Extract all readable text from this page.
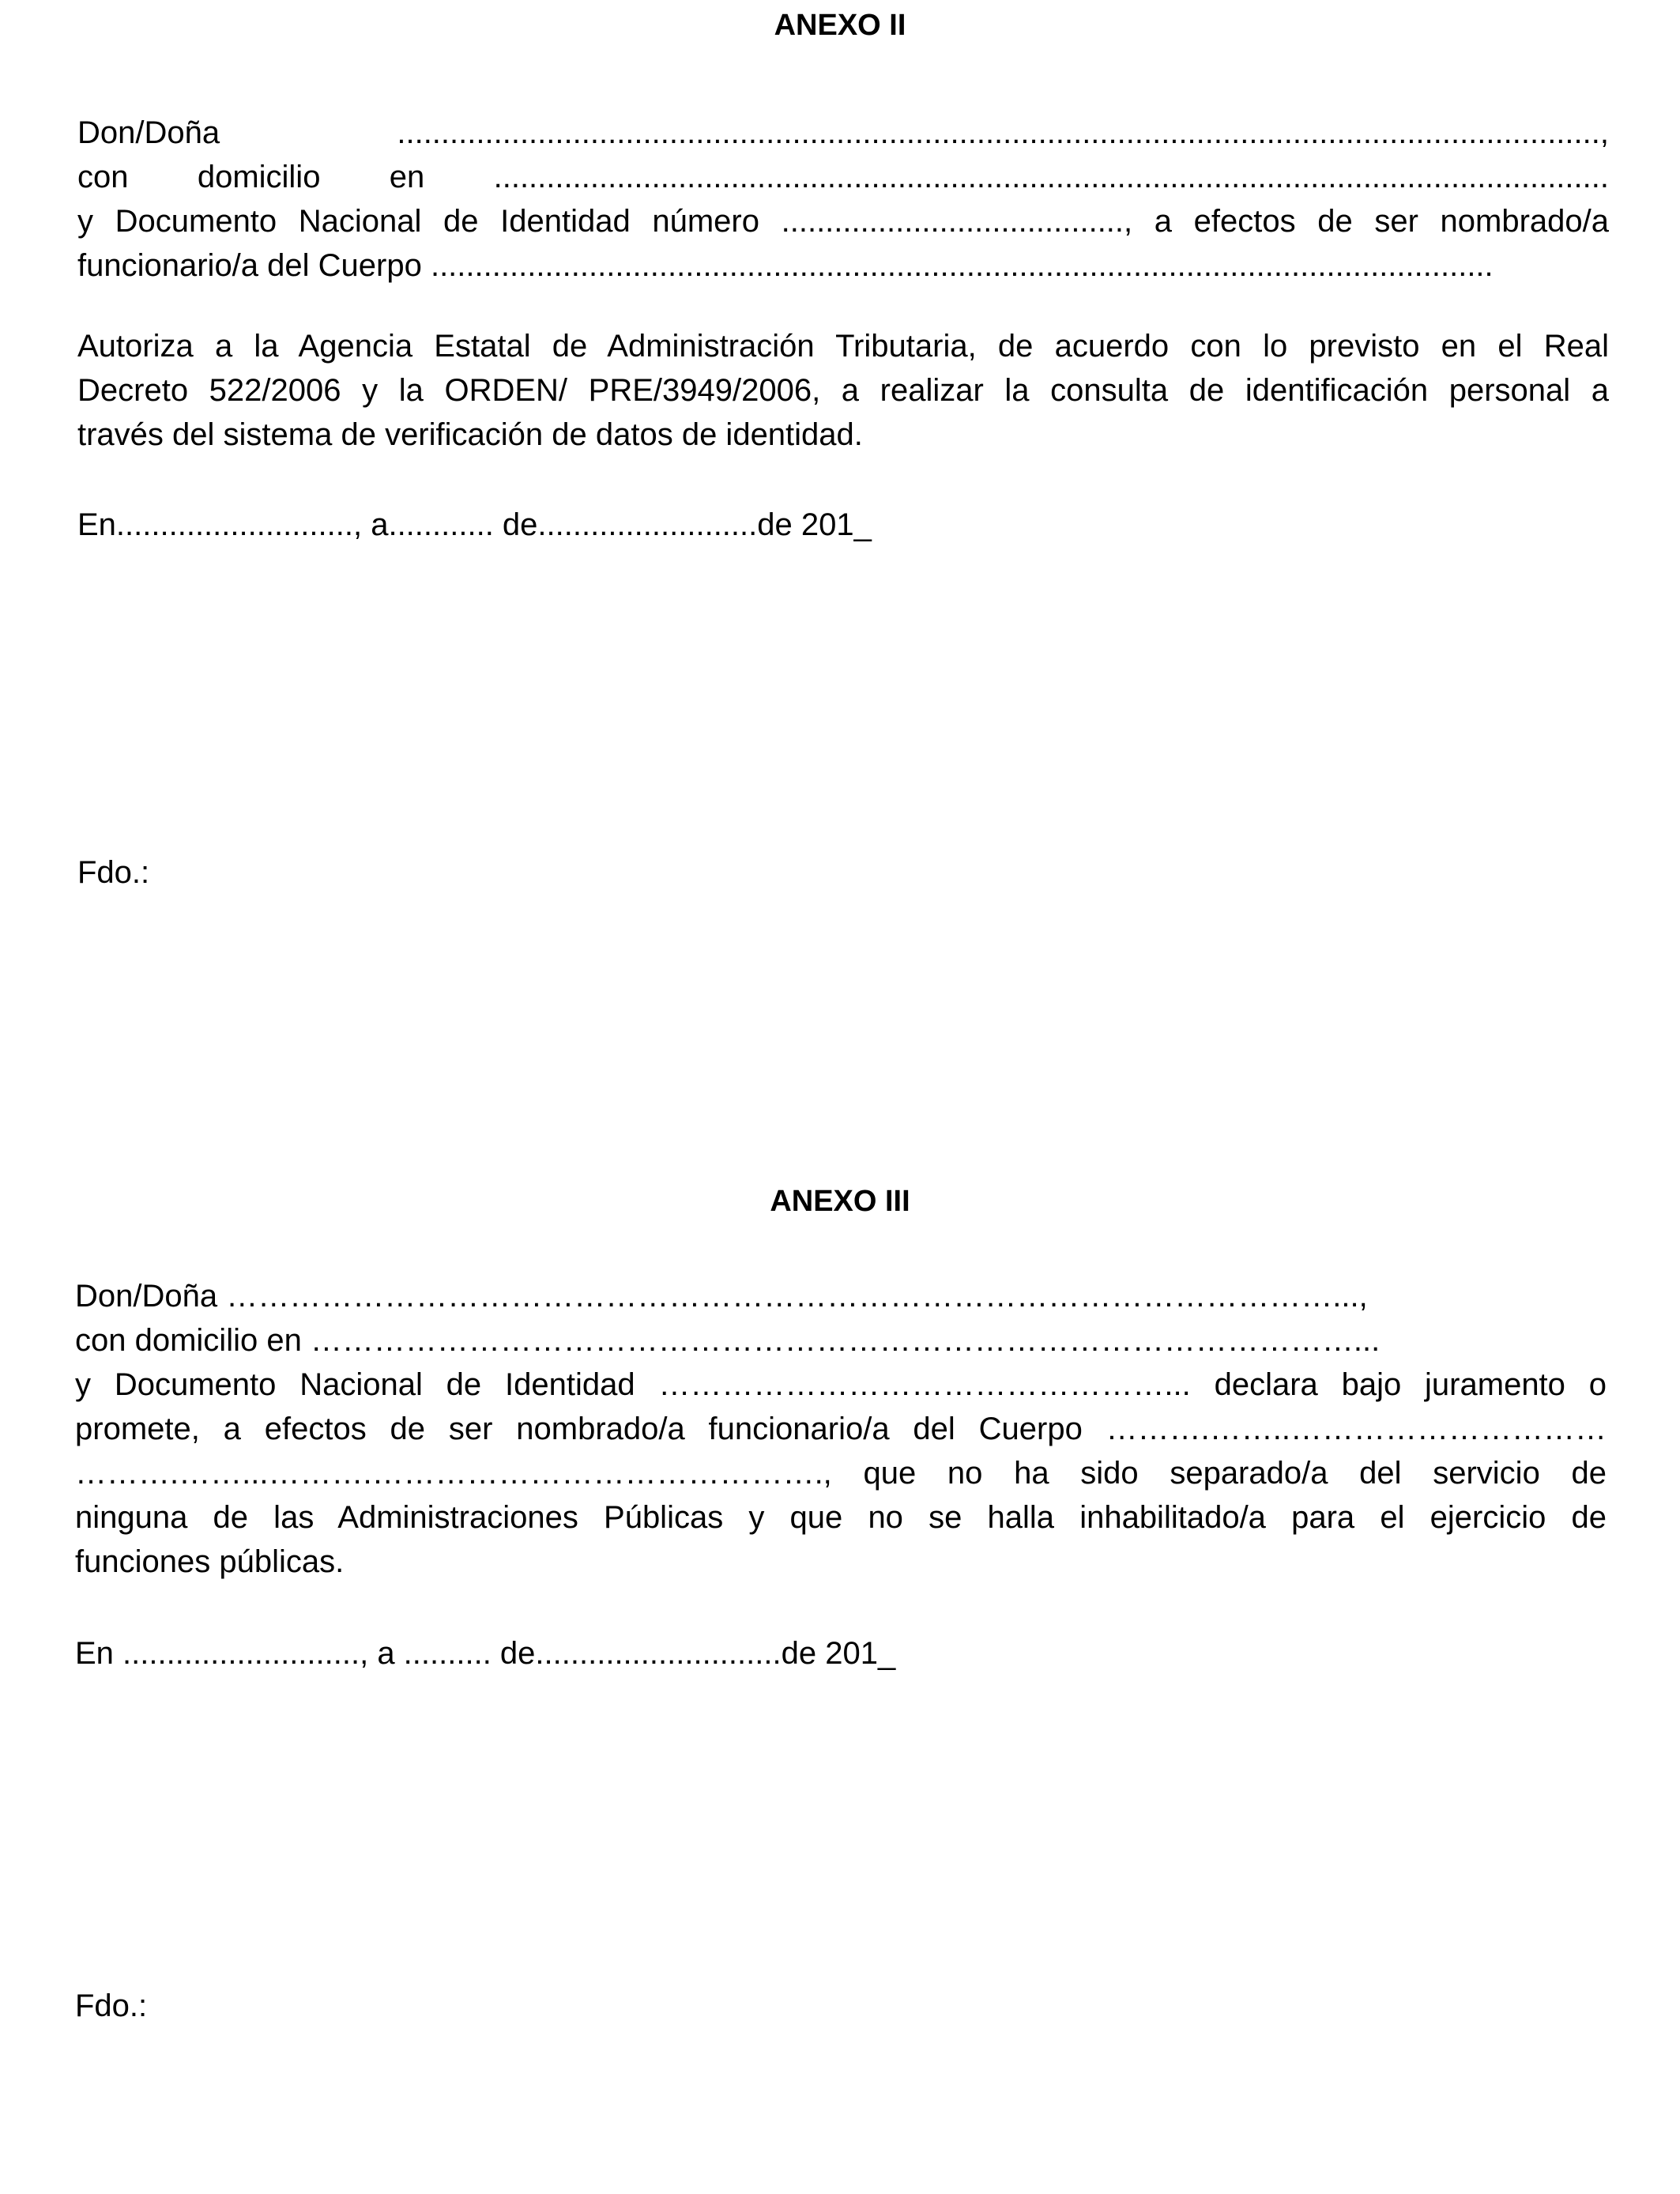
ANEXO II
Don/Doña .........................................................................................................................................,
con domicilio en ...............................................................................................................................
y Documento Nacional de Identidad número ......................................., a efectos de ser nombrado/a
funcionario/a del Cuerpo .........................................................................................................................
Autoriza a la Agencia Estatal de Administración Tributaria, de acuerdo con lo previsto en el Real
Decreto 522/2006 y la ORDEN/ PRE/3949/2006, a realizar la consulta de identificación personal a
través del sistema de verificación de datos de identidad.
En..........................., a............ de.........................de 201_
Fdo.:
ANEXO III
Don/Doña ……………………………………………………………………………………………...,
con domicilio en ………………………………………………………………………………………...
y Documento Nacional de Identidad …………………………………………... declara bajo juramento o
promete, a efectos de ser nombrado/a funcionario/a del Cuerpo ……….……..…………………………
……….……...……….……………………………………., que no ha sido separado/a del servicio de
ninguna de las Administraciones Públicas y que no se halla inhabilitado/a para el ejercicio de
funciones públicas.
En ..........................., a .......... de............................de 201_
Fdo.:
